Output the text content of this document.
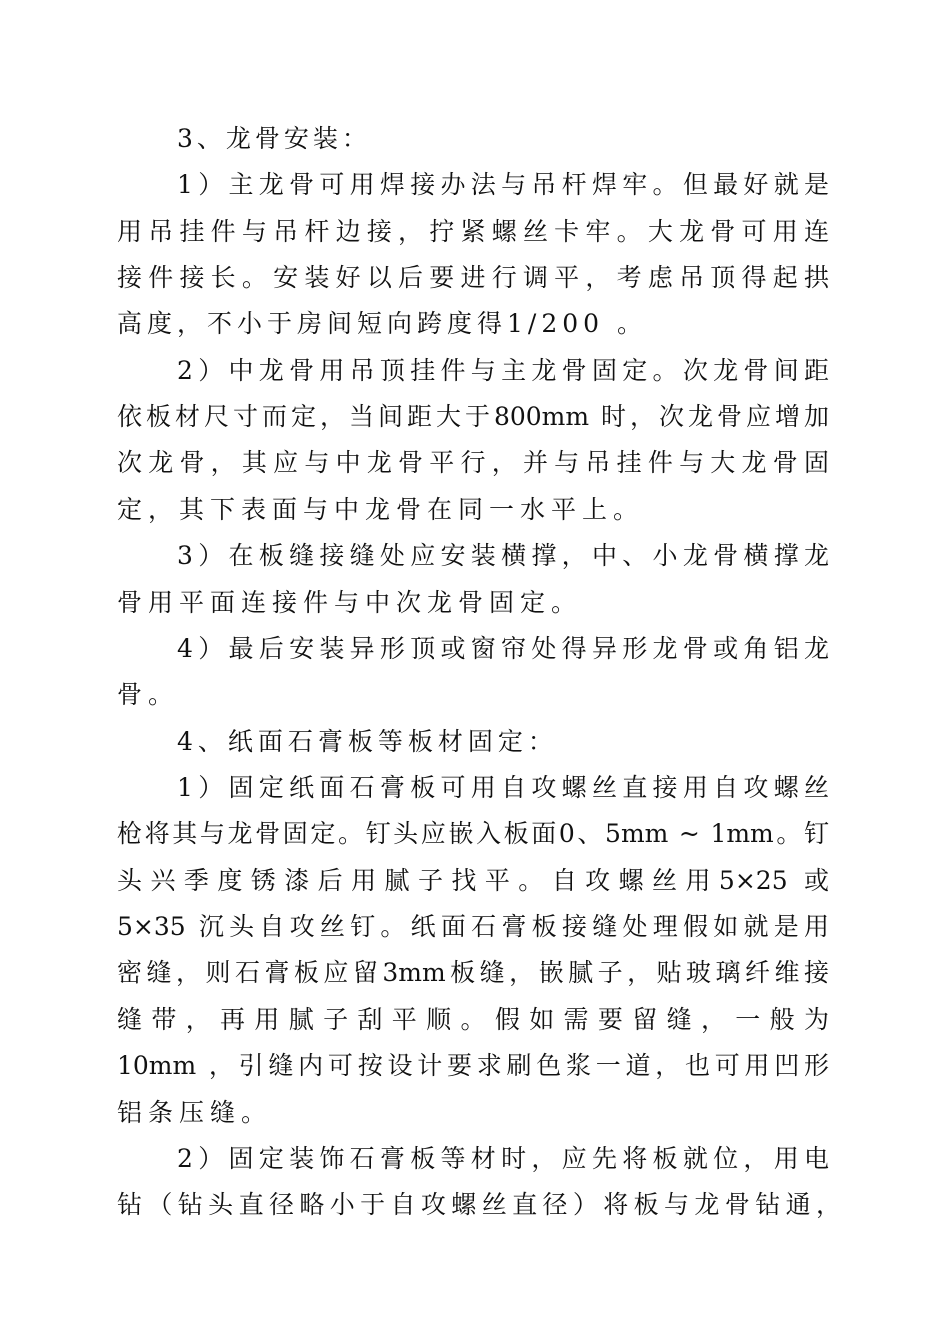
3、龙骨安装：
1）主龙骨可用焊接办法与吊杆焊牢。但最好就是
用吊挂件与吊杆边接，拧紧螺丝卡牢。大龙骨可用连
接件接长。安装好以后要进行调平，考虑吊顶得起拱
高度，不小于房间短向跨度得1/200 。
2）中龙骨用吊顶挂件与主龙骨固定。次龙骨间距
依板材尺寸而定，当间距大于800mm 时，次龙骨应增加
次龙骨，其应与中龙骨平行，并与吊挂件与大龙骨固
定，其下表面与中龙骨在同一水平上。
3）在板缝接缝处应安装横撑，中、小龙骨横撑龙
骨用平面连接件与中次龙骨固定。
4）最后安装异形顶或窗帘处得异形龙骨或角铝龙
骨。
4、纸面石膏板等板材固定：
1）固定纸面石膏板可用自攻螺丝直接用自攻螺丝
枪将其与龙骨固定。钉头应嵌入板面0、5mm ~ 1mm。钉
头兴季度锈漆后用腻子找平。自攻螺丝用5×25 或
5×35 沉头自攻丝钉。纸面石膏板接缝处理假如就是用
密缝，则石膏板应留3mm板缝，嵌腻子，贴玻璃纤维接
缝带，再用腻子刮平顺。假如需要留缝，一般为
10mm ，引缝内可按设计要求刷色浆一道，也可用凹形
铝条压缝。
2）固定装饰石膏板等材时，应先将板就位，用电
钻（钻头直径略小于自攻螺丝直径）将板与龙骨钻通，
